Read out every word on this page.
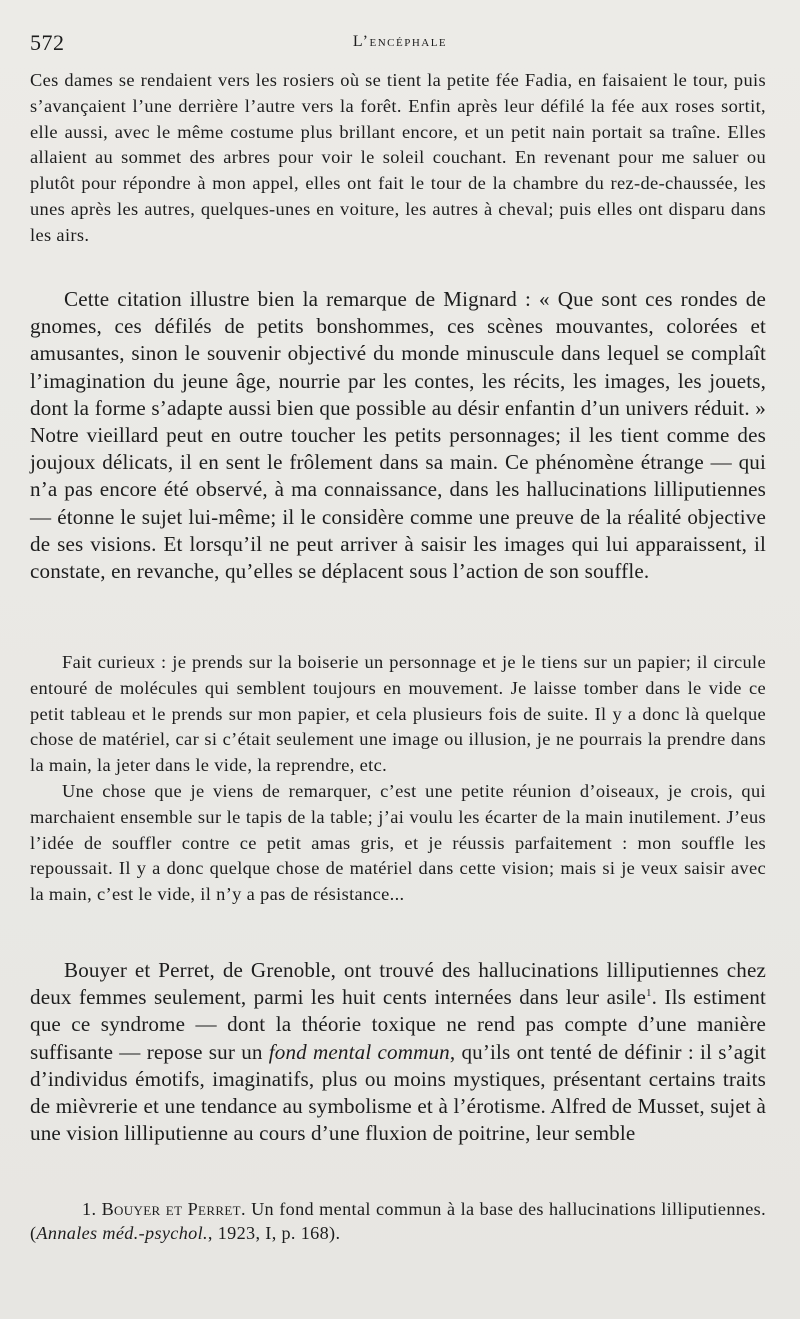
572	L’encéphale

Ces dames se rendaient vers les rosiers où se tient la petite fée Fadia, en faisaient le tour, puis s’avançaient l’une derrière l’autre vers la forêt. Enfin après leur défilé la fée aux roses sortit, elle aussi, avec le même costume plus brillant encore, et un petit nain portait sa traîne. Elles allaient au sommet des arbres pour voir le soleil couchant. En revenant pour me saluer ou plutôt pour répondre à mon appel, elles ont fait le tour de la chambre du rez-de-chaussée, les unes après les autres, quelques-unes en voiture, les autres à cheval; puis elles ont disparu dans les airs.

Cette citation illustre bien la remarque de Mignard : « Que sont ces rondes de gnomes, ces défilés de petits bonshommes, ces scènes mouvantes, colorées et amusantes, sinon le souvenir objectivé du monde minuscule dans lequel se complaît l’imagination du jeune âge, nourrie par les contes, les récits, les images, les jouets, dont la forme s’adapte aussi bien que possible au désir enfantin d’un univers réduit. » Notre vieillard peut en outre toucher les petits personnages; il les tient comme des joujoux délicats, il en sent le frôlement dans sa main. Ce phénomène étrange — qui n’a pas encore été observé, à ma connaissance, dans les hallucinations lilliputiennes — étonne le sujet lui-même; il le considère comme une preuve de la réalité objective de ses visions. Et lorsqu’il ne peut arriver à saisir les images qui lui apparaissent, il constate, en revanche, qu’elles se déplacent sous l’action de son souffle.

Fait curieux : je prends sur la boiserie un personnage et je le tiens sur un papier; il circule entouré de molécules qui semblent toujours en mouvement. Je laisse tomber dans le vide ce petit tableau et le prends sur mon papier, et cela plusieurs fois de suite. Il y a donc là quelque chose de matériel, car si c’était seulement une image ou illusion, je ne pourrais la prendre dans la main, la jeter dans le vide, la reprendre, etc.

Une chose que je viens de remarquer, c’est une petite réunion d’oiseaux, je crois, qui marchaient ensemble sur le tapis de la table; j’ai voulu les écarter de la main inutilement. J’eus l’idée de souffler contre ce petit amas gris, et je réussis parfaitement : mon souffle les repoussait. Il y a donc quelque chose de matériel dans cette vision; mais si je veux saisir avec la main, c’est le vide, il n’y a pas de résistance...

Bouyer et Perret, de Grenoble, ont trouvé des hallucinations lilliputiennes chez deux femmes seulement, parmi les huit cents internées dans leur asile$^1$. Ils estiment que ce syndrome — dont la théorie toxique ne rend pas compte d’une manière suffisante — repose sur un fond mental commun, qu’ils ont tenté de définir : il s’agit d’individus émotifs, imaginatifs, plus ou moins mystiques, présentant certains traits de mièvrerie et une tendance au symbolisme et à l’érotisme. Alfred de Musset, sujet à une vision lilliputienne au cours d’une fluxion de poitrine, leur semble

1. Bouyer et Perret. Un fond mental commun à la base des hallucinations lilliputiennes. (Annales méd.-psychol., 1923, I, p. 168).
